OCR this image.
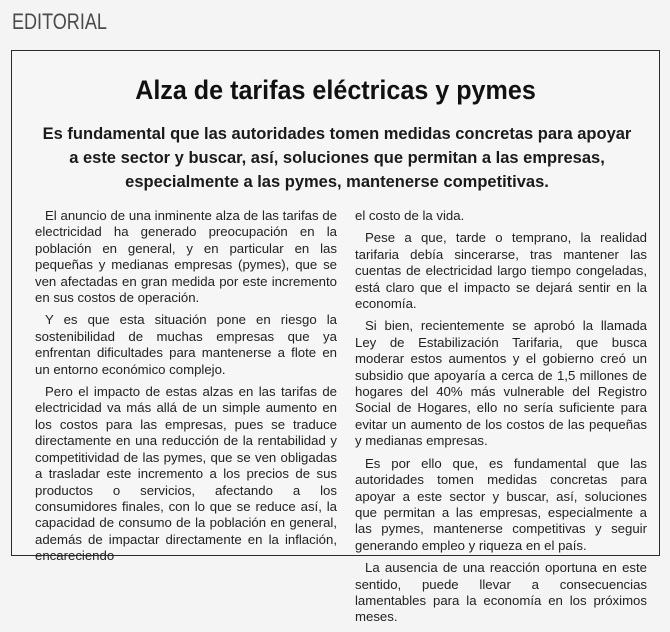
EDITORIAL
Alza de tarifas eléctricas y pymes
Es fundamental que las autoridades tomen medidas concretas para apoyar a este sector y buscar, así, soluciones que permitan a las empresas, especialmente a las pymes, mantenerse competitivas.

El anuncio de una inminente alza de las tarifas de electricidad ha generado preocupación en la población en general, y en particular en las pequeñas y medianas empresas (pymes), que se ven afectadas en gran medida por este incremento en sus costos de operación.

Y es que esta situación pone en riesgo la sostenibilidad de muchas empresas que ya enfrentan dificultades para mantenerse a flote en un entorno económico complejo.

Pero el impacto de estas alzas en las tarifas de electricidad va más allá de un simple aumento en los costos para las empresas, pues se traduce directamente en una reducción de la rentabilidad y competitividad de las pymes, que se ven obligadas a trasladar este incremento a los precios de sus productos o servicios, afectando a los consumidores finales, con lo que se reduce así, la capacidad de consumo de la población en general, además de impactar directamente en la inflación, encareciendo

el costo de la vida.

Pese a que, tarde o temprano, la realidad tarifaria debía sincerarse, tras mantener las cuentas de electricidad largo tiempo congeladas, está claro que el impacto se dejará sentir en la economía.

Si bien, recientemente se aprobó la llamada Ley de Estabilización Tarifaria, que busca moderar estos aumentos y el gobierno creó un subsidio que apoyaría a cerca de 1,5 millones de hogares del 40% más vulnerable del Registro Social de Hogares, ello no sería suficiente para evitar un aumento de los costos de las pequeñas y medianas empresas.

Es por ello que, es fundamental que las autoridades tomen medidas concretas para apoyar a este sector y buscar, así, soluciones que permitan a las empresas, especialmente a las pymes, mantenerse competitivas y seguir generando empleo y riqueza en el país.

La ausencia de una reacción oportuna en este sentido, puede llevar a consecuencias lamentables para la economía en los próximos meses.
